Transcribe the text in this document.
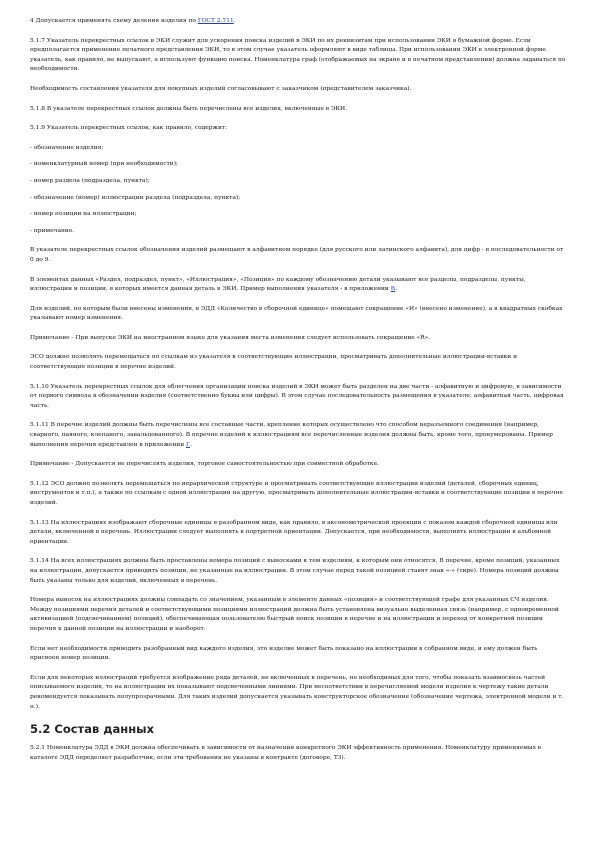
4 Допускается применять схему деления изделия по ГОСТ 2.711.

5.1.7 Указатель перекрестных ссылок в ЭКИ служит для ускорения поиска изделий в ЭКИ по их реквизитам при использовании ЭКИ в бумажной форме. Если предполагается применение печатного представления ЭКИ, то в этом случае указатель оформляют в виде таблицы. При использовании ЭКИ в электронной форме указатель, как правило, не выпускают, а используют функцию поиска. Номенклатура граф (отображаемых на экране и в печатном представлении) должна задаваться по необходимости.

Необходимость составления указателя для покупных изделий согласовывают с заказчиком (представителем заказчика).

5.1.8 В указателе перекрестных ссылок должны быть перечислены все изделия, включенные в ЭКИ.

5.1.9 Указатель перекрестных ссылок, как правило, содержит:

- обозначение изделия;

- номенклатурный номер (при необходимости);

- номер раздела (подраздела, пункта);

- обозначение (номер) иллюстрации раздела (подраздела, пункта);

- номер позиции на иллюстрации;

- примечание.

В указателе перекрестных ссылок обозначения изделий размещают в алфавитном порядке (для русского или латинского алфавита), для цифр - в последовательности от 0 до 9.

В элементах данных «Раздел, подраздел, пункт», «Иллюстрация», «Позиция» по каждому обозначению детали указывают все разделы, подразделы, пункты, иллюстрации и позиции, в которых имеется данная деталь в ЭКИ. Пример выполнения указателя - в приложении В.

Для изделий, по которым были внесены изменения, в ЭДД «Количество в сборочной единице» помещают сокращение «И» (внесено изменение), а в квадратных скобках указывают номер изменения.

Примечание - При выпуске ЭКИ на иностранном языке для указания места изменения следует использовать сокращение «R».

ЭСО должно позволять перемещаться по ссылкам из указателя в соответствующие иллюстрации, просматривать дополнительные иллюстрации-вставки и соответствующие позиции в перечне изделий.

5.1.10 Указатель перекрестных ссылок для облегчения организации поиска изделий в ЭКИ может быть разделен на две части - алфавитную и цифровую, в зависимости от первого символа в обозначении изделия (соответственно буквы или цифры). В этом случае последовательность размещения в указателе: алфавитная часть, цифровая часть.

5.1.11 В перечне изделий должны быть перечислены все составные части, крепление которых осуществлено что способом неразъемного соединения (например, сварного, паяного, клепаного, завальцованного). В перечне изделий к иллюстрациям все перечисленные изделия должны быть, кроме того, пронумерованы. Пример выполнения перечня представлен в приложении Г.

Примечание - Допускается не перечислять изделия, торговое самостоятельностью при совместной обработке.

5.1.12 ЭСО должно позволять перемещаться по иерархической структуре и просматривать соответствующие иллюстрации изделий (деталей, сборочных единиц, инструментов и т.п.), а также по ссылкам с одной иллюстрации на другую, просматривать дополнительные иллюстрации-вставки и соответствующие позиции в перечне изделий.

5.1.13 На иллюстрациях изображают сборочные единицы в разобранном виде, как правило, в аксонометрической проекции с показом каждой сборочной единицы или детали, включенной в перечень. Иллюстрации следует выполнять в портретной ориентации. Допускается, при необходимости, выполнять иллюстрации в альбомной ориентации.

5.1.14 На всех иллюстрациях должны быть проставлены номера позиций с выносками к тем изделиям, к которым они относятся. В перечне, кроме позиций, указанных на иллюстрации, допускается приводить позиции, не указанные на иллюстрации. В этом случае перед такой позицией ставят знак «-» (тире). Номера позиций должны быть указаны только для изделий, включенных в перечень.

Номера выносок на иллюстрациях должны совпадать со значением, указанным в элементе данных «позиция» и соответствующей графе для указанных СЧ изделия. Между позициями перечня деталей и соответствующими позициями иллюстраций должна быть установлена визуально выделенная связь (например, с одновременной активизацией (подсвечиванием) позиций), обеспечивающая пользователю быстрый поиск позиции в перечне и на иллюстрации и переход от конкретной позиции перечня к данной позиции на иллюстрации и наоборот.

Если нет необходимости приводить разобранный вид каждого изделия, это изделие может быть показано на иллюстрации в собранном виде, и ему должен быть присвоен номер позиции.

Если для некоторых иллюстраций требуется изображение ряда деталей, не включенных в перечень, но необходимых для того, чтобы показать взаимосвязь частей описываемого изделия, то на иллюстрации их показывают подсвеченными линиями. При несоответствии в перечисляемой модели изделия к чертежу такие детали рекомендуется показывать полупрозрачными. Для таких изделий допускается указывать конструкторское обозначение (обозначение чертежа, электронной модели и т. п.).

5.2 Состав данных

5.2.1 Номенклатура ЭДД в ЭКИ должна обеспечивать в зависимости от назначения конкретного ЭКИ эффективность применения. Номенклатуру применяемых в каталоге ЭДД определяет разработчик, если эти требования не указаны в контракте (договоре, ТЗ).
